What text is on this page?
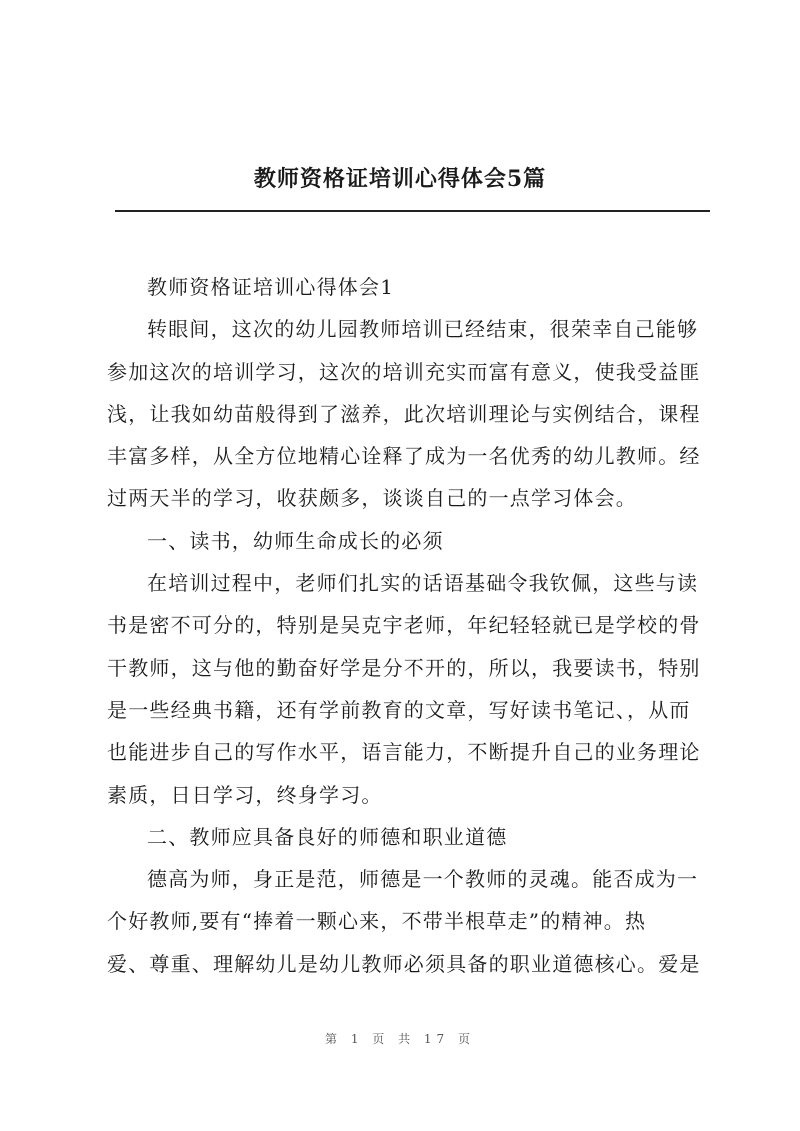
教师资格证培训心得体会5篇

教师资格证培训心得体会1

转眼间，这次的幼儿园教师培训已经结束，很荣幸自己能够
参加这次的培训学习，这次的培训充实而富有意义，使我受益匪
浅，让我如幼苗般得到了滋养，此次培训理论与实例结合，课程
丰富多样，从全方位地精心诠释了成为一名优秀的幼儿教师。经
过两天半的学习，收获颇多，谈谈自己的一点学习体会。

一、读书，幼师生命成长的必须

在培训过程中，老师们扎实的话语基础令我钦佩，这些与读
书是密不可分的，特别是吴克宇老师，年纪轻轻就已是学校的骨
干教师，这与他的勤奋好学是分不开的，所以，我要读书，特别
是一些经典书籍，还有学前教育的文章，写好读书笔记、，从而
也能进步自己的写作水平，语言能力，不断提升自己的业务理论
素质，日日学习，终身学习。

二、教师应具备良好的师德和职业道德

德高为师，身正是范，师德是一个教师的灵魂。能否成为一
个好教师,要有“捧着一颗心来，不带半根草走”的精神。热
爱、尊重、理解幼儿是幼儿教师必须具备的职业道德核心。爱是

第 1 页 共 17 页
